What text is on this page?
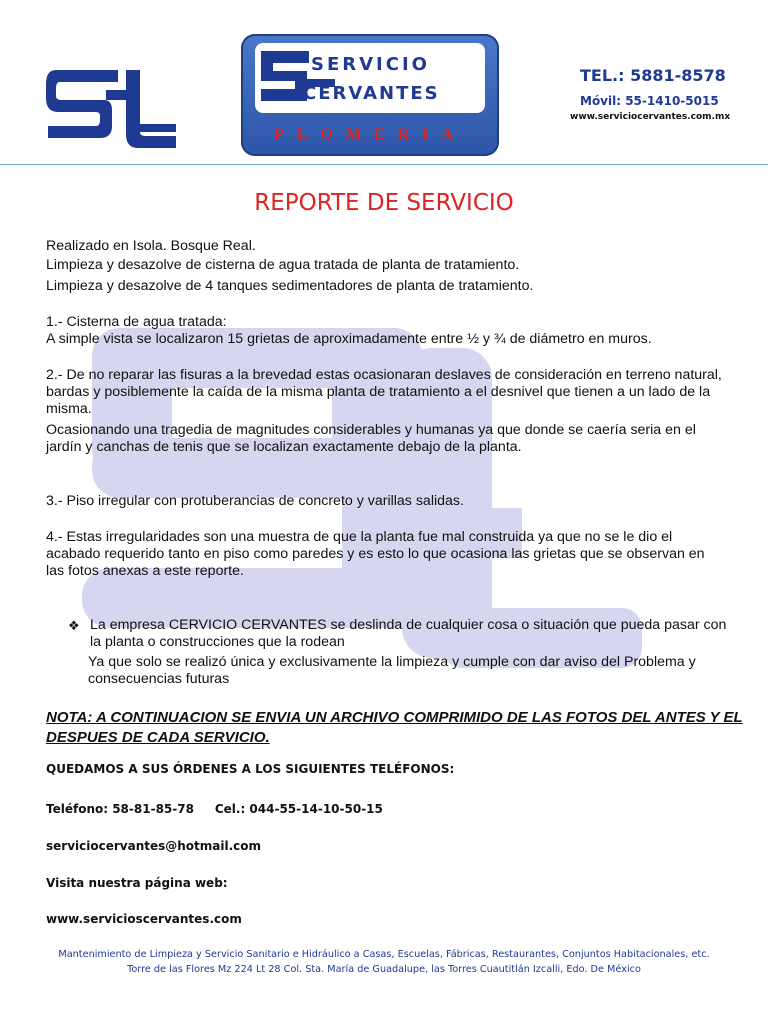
SERVICIO
CERVANTES
PLOMERIA
TEL.: 5881-8578
Móvil: 55-1410-5015
www.serviciocervantes.com.mx
REPORTE DE SERVICIO
Realizado en Isola. Bosque Real.
Limpieza y desazolve de cisterna de agua tratada de planta de tratamiento.
Limpieza y desazolve de 4 tanques sedimentadores de planta de tratamiento.
1.- Cisterna de agua tratada:
A simple vista se localizaron 15 grietas de aproximadamente entre ½ y ¾ de diámetro en muros.
2.- De no reparar las fisuras a la brevedad estas ocasionaran deslaves de consideración en terreno natural, bardas y posiblemente la caída de la misma planta de tratamiento a el desnivel que tienen a un lado de la misma.
Ocasionando una tragedia de magnitudes considerables y humanas ya que donde se caería seria en el jardín y canchas de tenis que se localizan exactamente debajo de la planta.
3.- Piso irregular con protuberancias de concreto y varillas salidas.
4.- Estas irregularidades son una muestra de que la planta fue mal construida ya que no se le dio el acabado requerido tanto en piso como paredes y es esto lo que ocasiona las grietas que se observan en las fotos anexas a este reporte.
❖ La empresa CERVICIO CERVANTES se deslinda de cualquier cosa o situación que pueda pasar con la planta o construcciones que la rodean
Ya que solo se realizó única y exclusivamente la limpieza y cumple con dar aviso del Problema y consecuencias futuras
NOTA: A CONTINUACION SE ENVIA UN ARCHIVO COMPRIMIDO DE LAS FOTOS DEL ANTES Y EL DESPUES DE CADA SERVICIO.
QUEDAMOS A SUS ÓRDENES A LOS SIGUIENTES TELÉFONOS:
Teléfono: 58-81-85-78     Cel.: 044-55-14-10-50-15
serviciocervantes@hotmail.com
Visita nuestra página web:
www.servicioscervantes.com
Mantenimiento de Limpieza y Servicio Sanitario e Hidráulico a Casas, Escuelas, Fábricas, Restaurantes, Conjuntos Habitacionales, etc.
Torre de las Flores Mz 224 Lt 28 Col. Sta. María de Guadalupe, las Torres Cuautitlán Izcalli, Edo. De México
